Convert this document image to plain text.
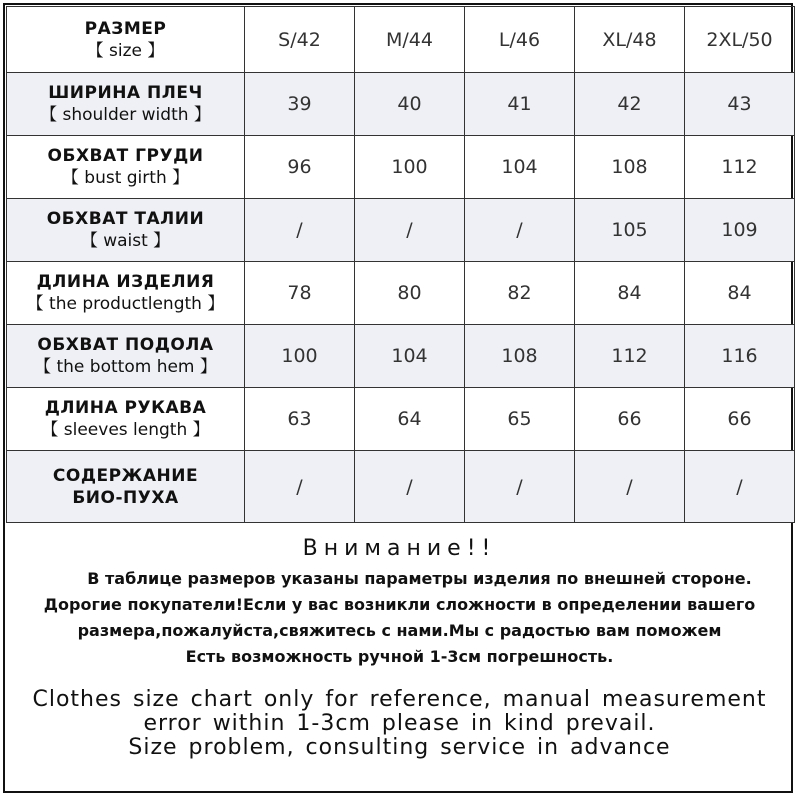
РАЗМЕР
【 size 】	S/42	M/44	L/46	XL/48	2XL/50

ШИРИНА ПЛЕЧ
【 shoulder width 】	39	40	41	42	43

ОБХВАТ ГРУДИ
【 bust girth 】	96	100	104	108	112

ОБХВАТ ТАЛИИ
【 waist 】	/	/	/	105	109

ДЛИНА ИЗДЕЛИЯ
【 the productlength 】	78	80	82	84	84

ОБХВАТ ПОДОЛА
【 the bottom hem 】	100	104	108	112	116

ДЛИНА РУКАВА
【 sleeves length 】	63	64	65	66	66

СОДЕРЖАНИЕ
БИО-ПУХА	/	/	/	/	/
Внимание!!
В таблице размеров указаны параметры изделия по внешней стороне.
Дорогие покупатели!Если у вас возникли сложности в определении вашего
размера,пожалуйста,свяжитесь с нами.Мы с радостью вам поможем
Есть возможность ручной 1-3см погрешность.
Clothes size chart only for reference, manual measurement
error within 1-3cm please in kind prevail.
Size problem, consulting service in advance
